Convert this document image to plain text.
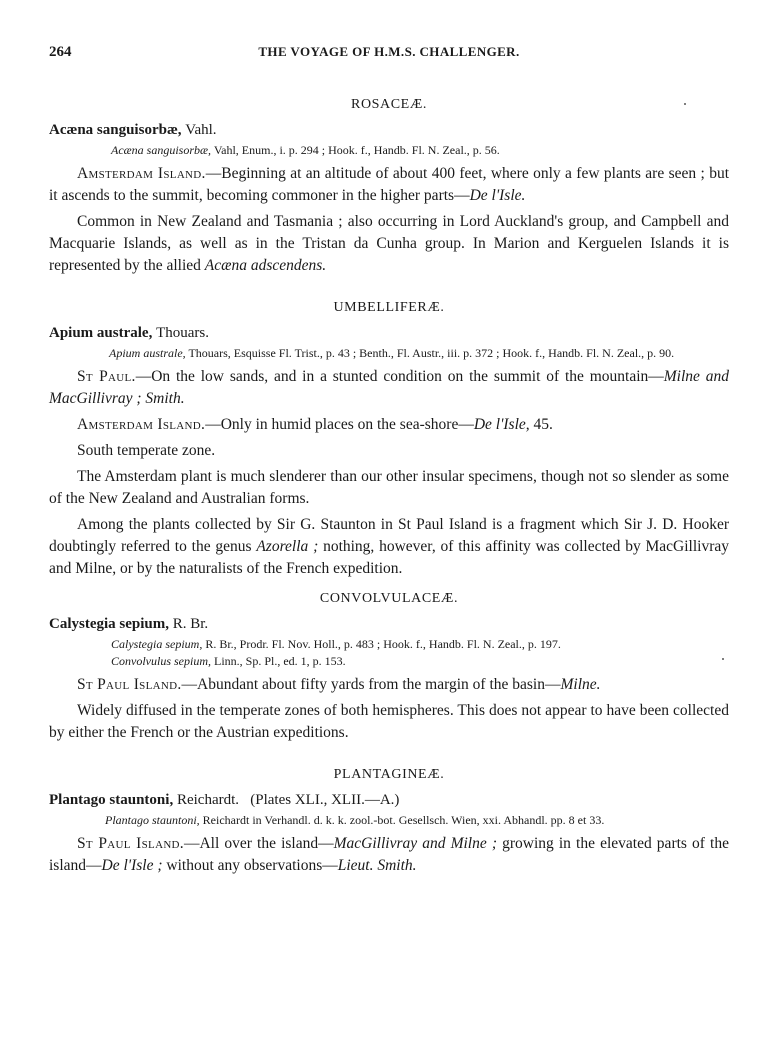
264	THE VOYAGE OF H.M.S. CHALLENGER.
ROSACEÆ.

Acæna sanguisorbæ, Vahl.

Acæna sanguisorbæ, Vahl, Enum., i. p. 294 ; Hook. f., Handb. Fl. N. Zeal., p. 56.

Amsterdam Island.—Beginning at an altitude of about 400 feet, where only a few plants are seen ; but it ascends to the summit, becoming commoner in the higher parts—De l'Isle.

Common in New Zealand and Tasmania ; also occurring in Lord Auckland's group, and Campbell and Macquarie Islands, as well as in the Tristan da Cunha group. In Marion and Kerguelen Islands it is represented by the allied Acæna adscendens.

UMBELLIFERÆ.

Apium australe, Thouars.

Apium australe, Thouars, Esquisse Fl. Trist., p. 43 ; Benth., Fl. Austr., iii. p. 372 ; Hook. f., Handb. Fl. N. Zeal., p. 90.

St Paul.—On the low sands, and in a stunted condition on the summit of the mountain—Milne and MacGillivray ; Smith.

Amsterdam Island.—Only in humid places on the sea-shore—De l'Isle, 45.

South temperate zone.

The Amsterdam plant is much slenderer than our other insular specimens, though not so slender as some of the New Zealand and Australian forms.

Among the plants collected by Sir G. Staunton in St Paul Island is a fragment which Sir J. D. Hooker doubtingly referred to the genus Azorella ; nothing, however, of this affinity was collected by MacGillivray and Milne, or by the naturalists of the French expedition.

CONVOLVULACEÆ.

Calystegia sepium, R. Br.

Calystegia sepium, R. Br., Prodr. Fl. Nov. Holl., p. 483 ; Hook. f., Handb. Fl. N. Zeal., p. 197.

Convolvulus sepium, Linn., Sp. Pl., ed. 1, p. 153.

St Paul Island.—Abundant about fifty yards from the margin of the basin—Milne.

Widely diffused in the temperate zones of both hemispheres. This does not appear to have been collected by either the French or the Austrian expeditions.

PLANTAGINEÆ.

Plantago stauntoni, Reichardt. (Plates XLI., XLII.—A.)

Plantago stauntoni, Reichardt in Verhandl. d. k. k. zool.-bot. Gesellsch. Wien, xxi. Abhandl. pp. 8 et 33.

St Paul Island.—All over the island—MacGillivray and Milne ; growing in the elevated parts of the island—De l'Isle ; without any observations—Lieut. Smith.
